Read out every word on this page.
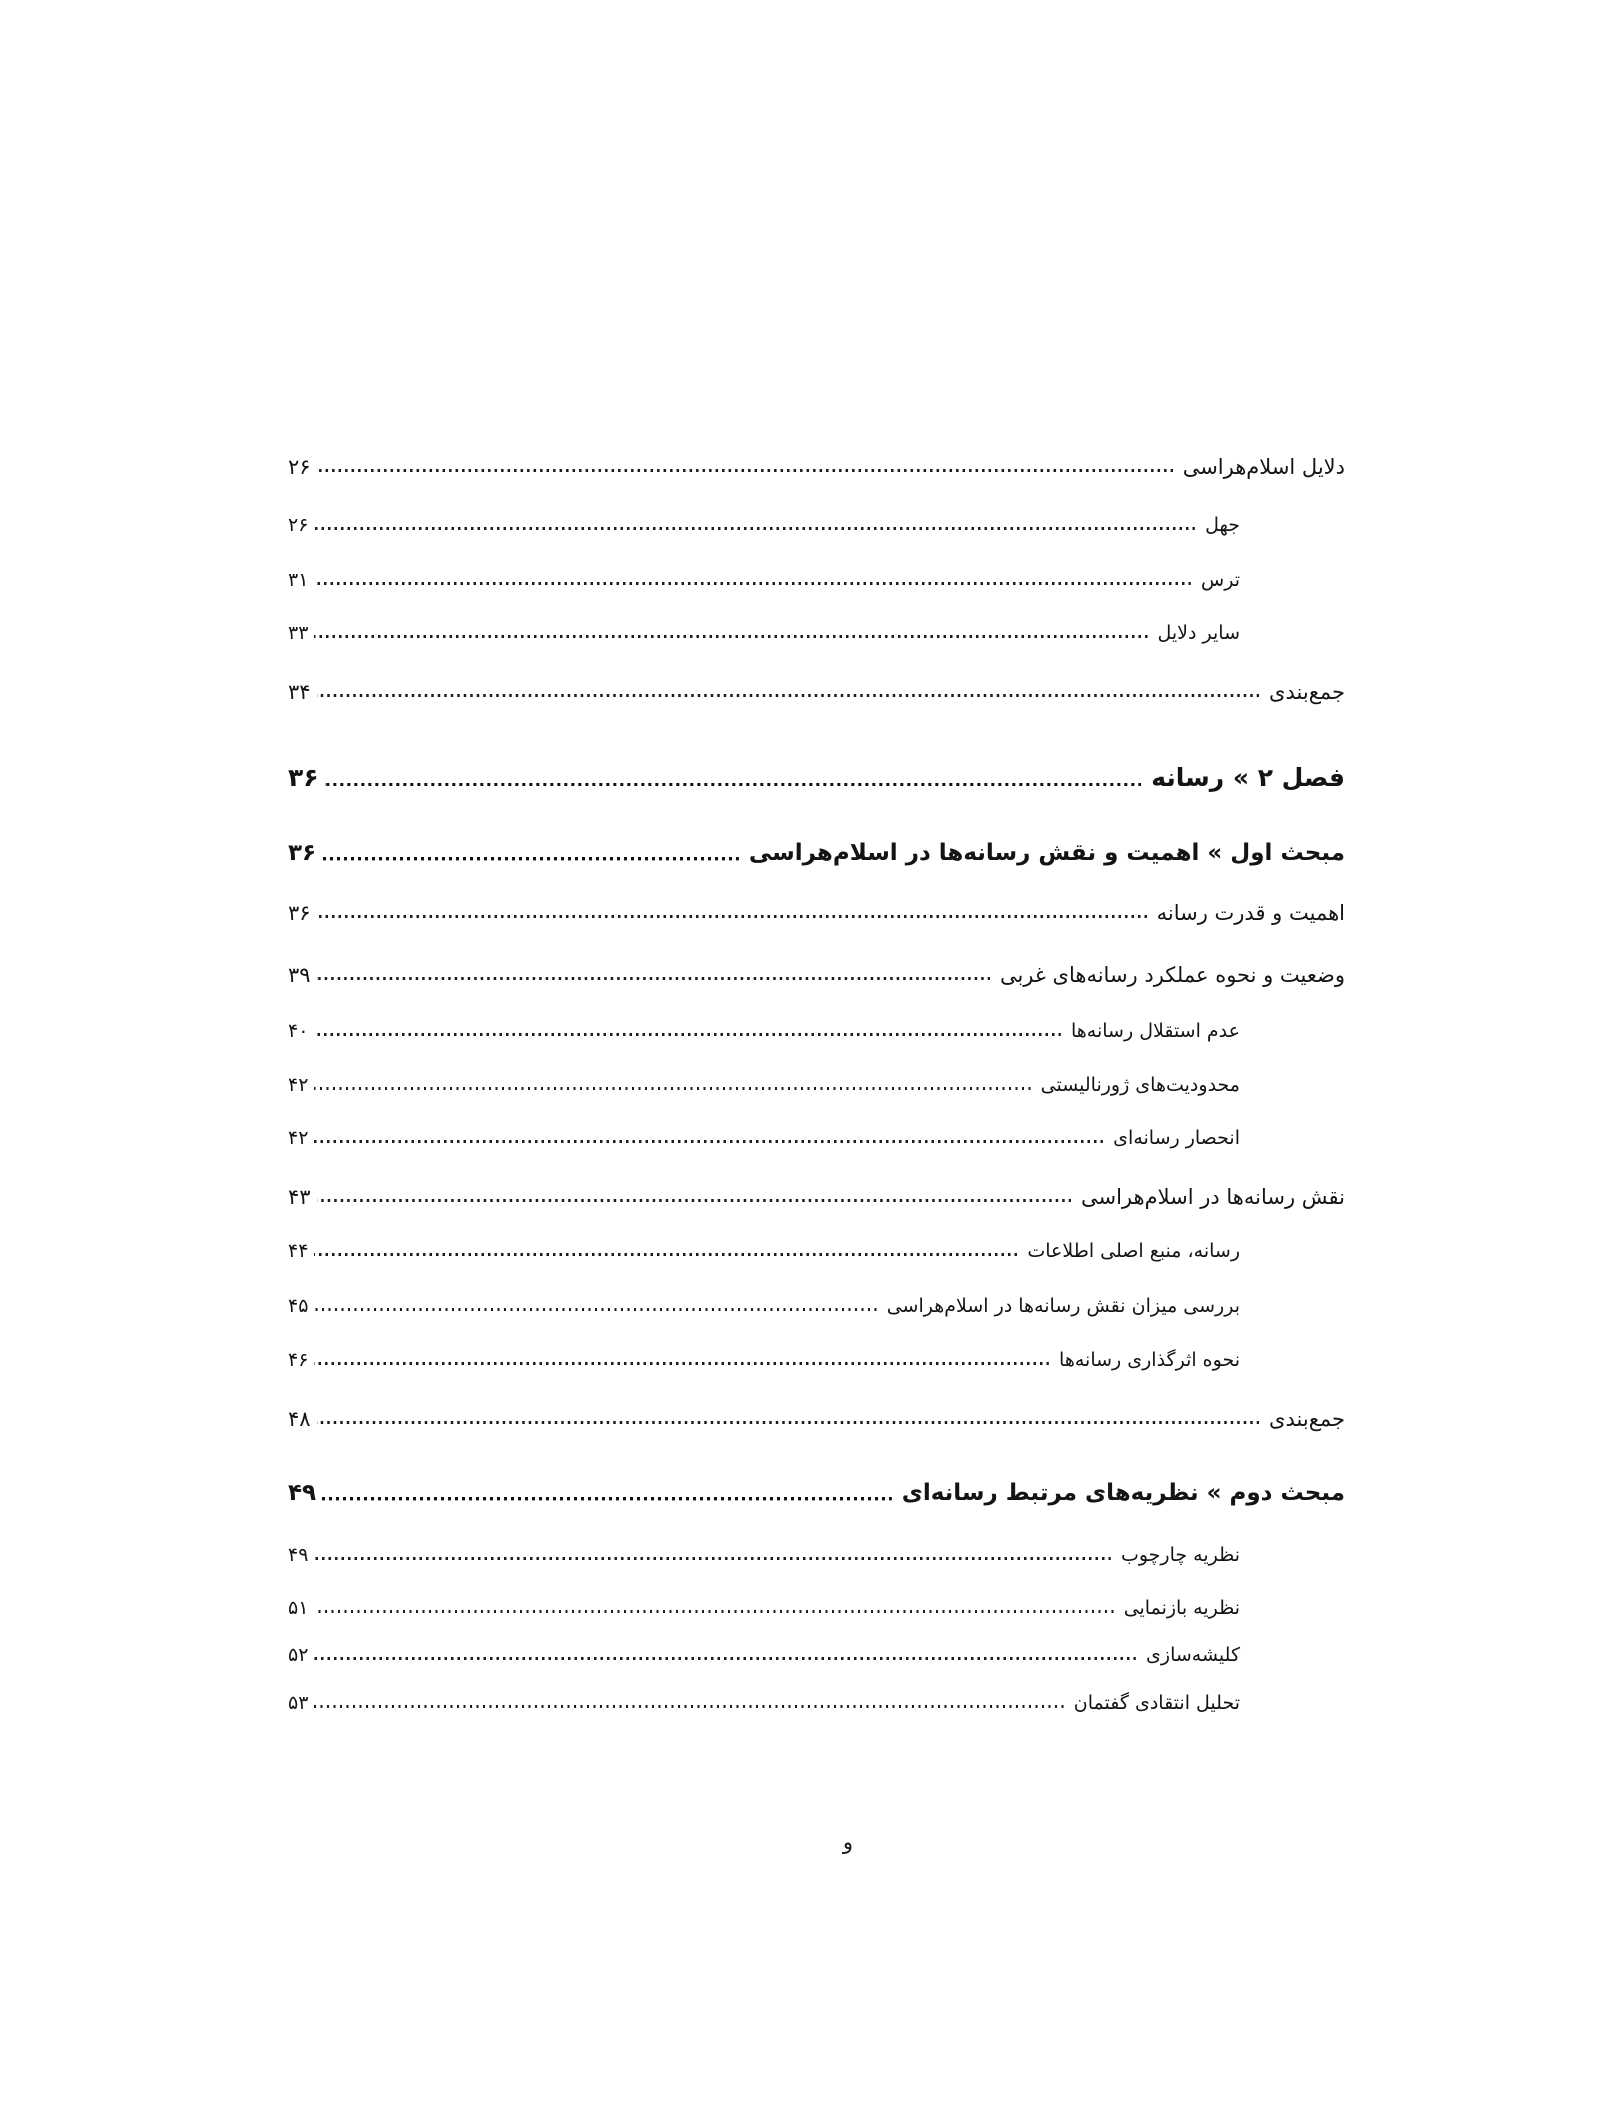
دلایل اسلام‌هراسی
۲۶
جهل
۲۶
ترس
۳۱
سایر دلایل
۳۳
جمع‌بندی
۳۴
فصل ۲ » رسانه
۳۶
مبحث اول » اهمیت و نقش رسانه‌ها در اسلام‌هراسی
۳۶
اهمیت و قدرت رسانه
۳۶
وضعیت و نحوه عملکرد رسانه‌های غربی
۳۹
عدم استقلال رسانه‌ها
۴۰
محدودیت‌های ژورنالیستی
۴۲
انحصار رسانه‌ای
۴۲
نقش رسانه‌ها در اسلام‌هراسی
۴۳
رسانه، منبع اصلی اطلاعات
۴۴
بررسی میزان نقش رسانه‌ها در اسلام‌هراسی
۴۵
نحوه اثرگذاری رسانه‌ها
۴۶
جمع‌بندی
۴۸
مبحث دوم » نظریه‌های مرتبط رسانه‌ای
۴۹
نظریه چارچوب
۴۹
نظریه بازنمایی
۵۱
کلیشه‌سازی
۵۲
تحلیل انتقادی گفتمان
۵۳
و
